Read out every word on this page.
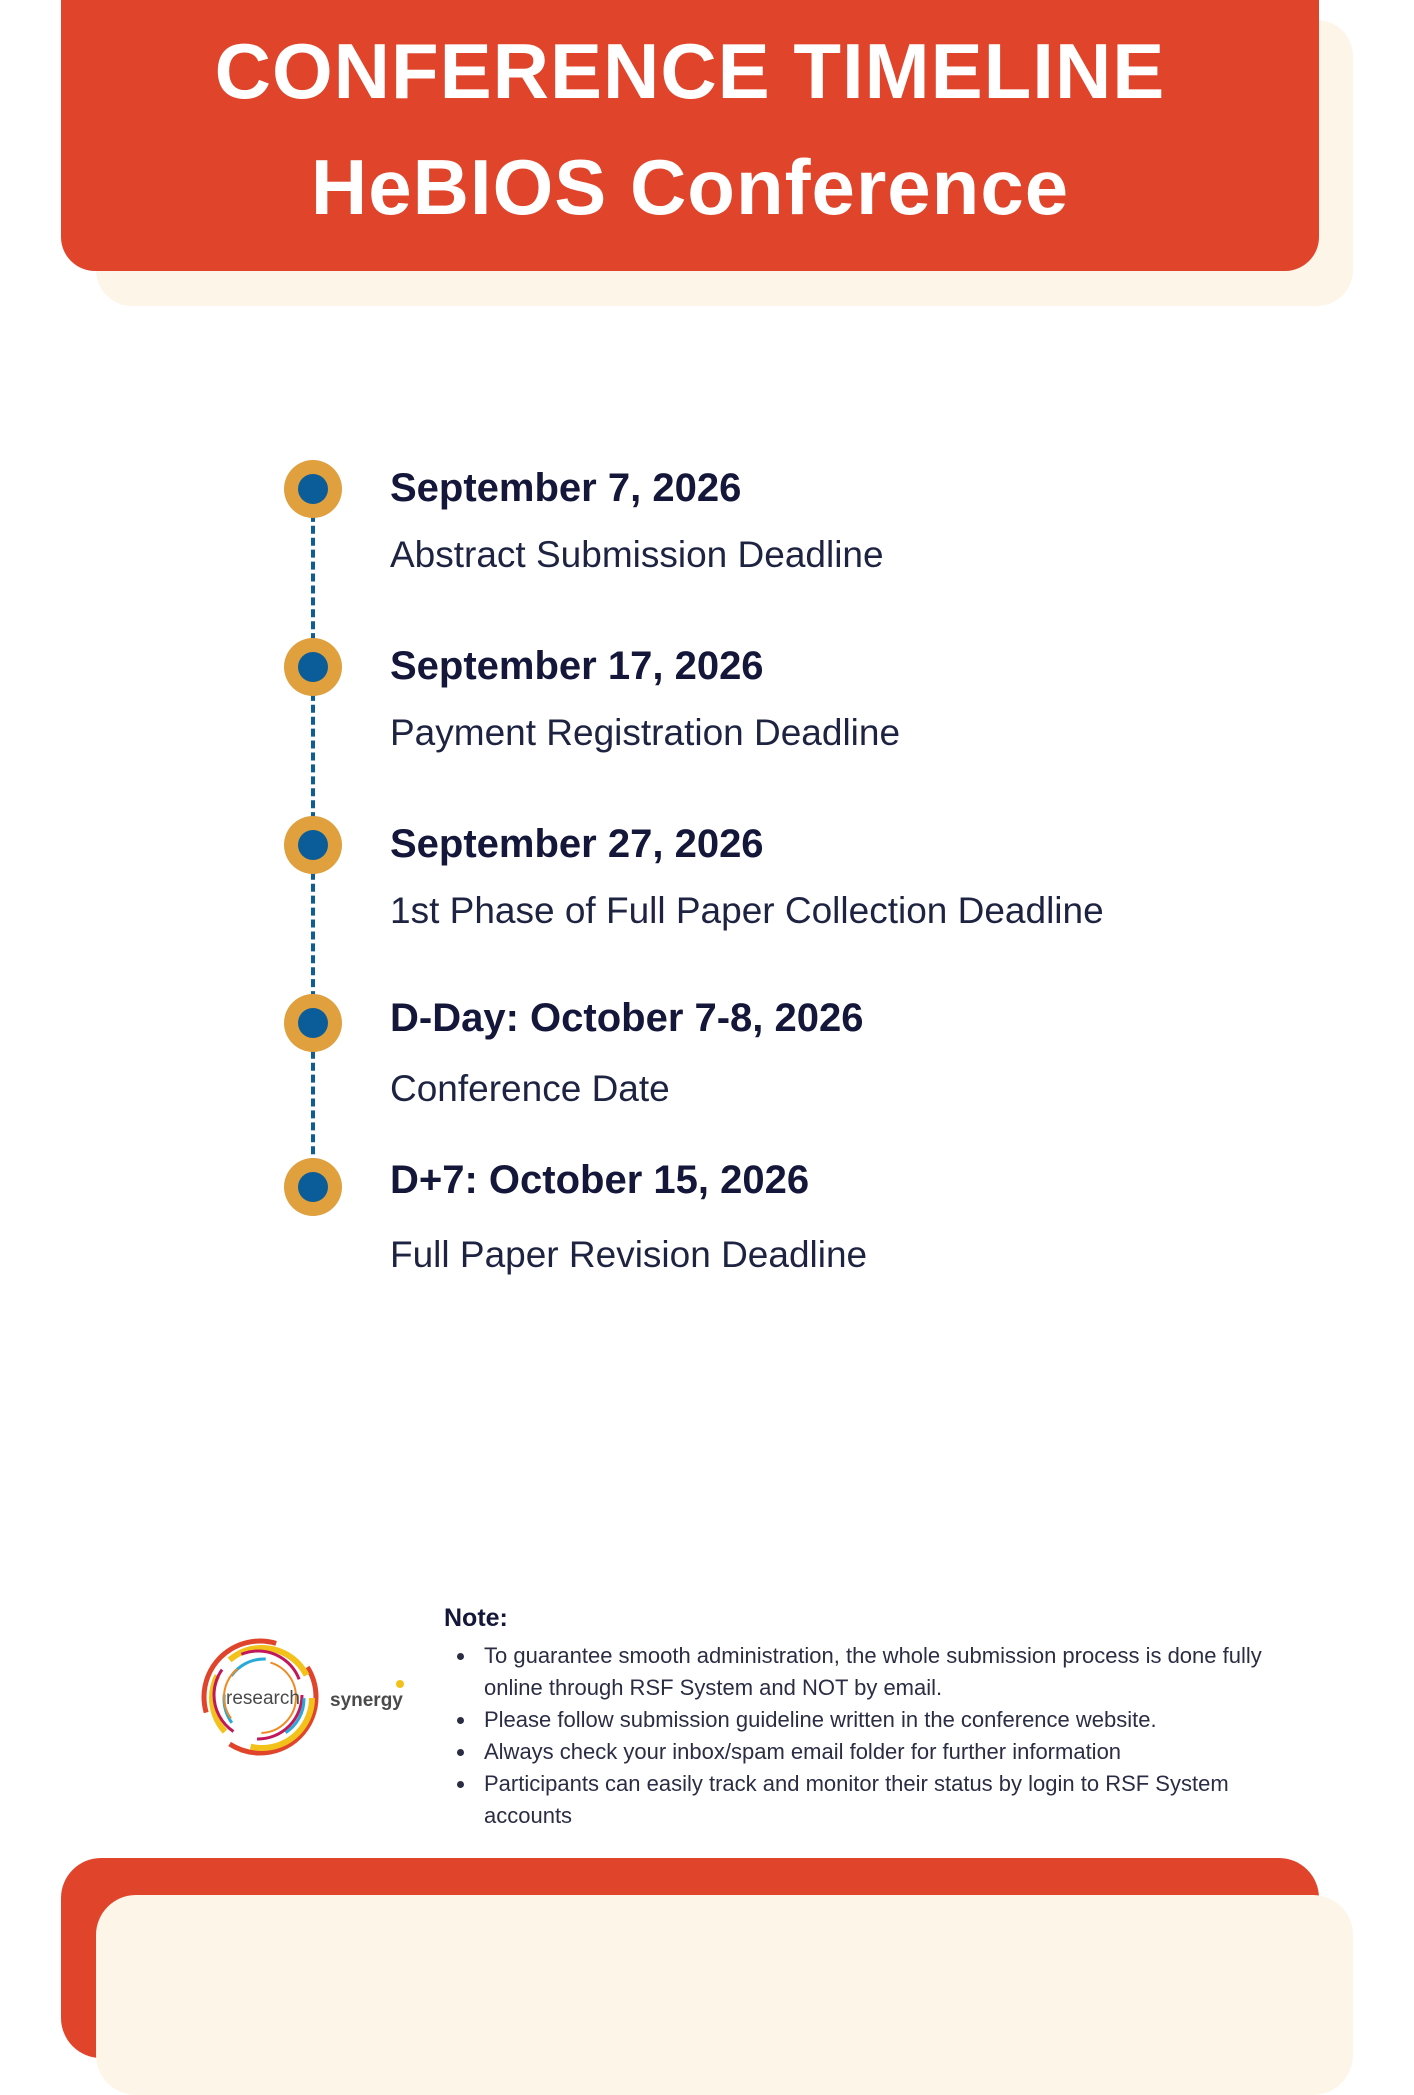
CONFERENCE TIMELINE
HeBIOS Conference
September 7, 2026
Abstract Submission Deadline
September 17, 2026
Payment Registration Deadline
September 27, 2026
1st Phase of Full Paper Collection Deadline
D-Day: October 7-8, 2026
Conference Date
D+7: October 15, 2026
Full Paper Revision Deadline
research synergy
Note:
To guarantee smooth administration, the whole submission process is done fully online through RSF System and NOT by email.
Please follow submission guideline written in the conference website.
Always check your inbox/spam email folder for further information
Participants can easily track and monitor their status by login to RSF System accounts
